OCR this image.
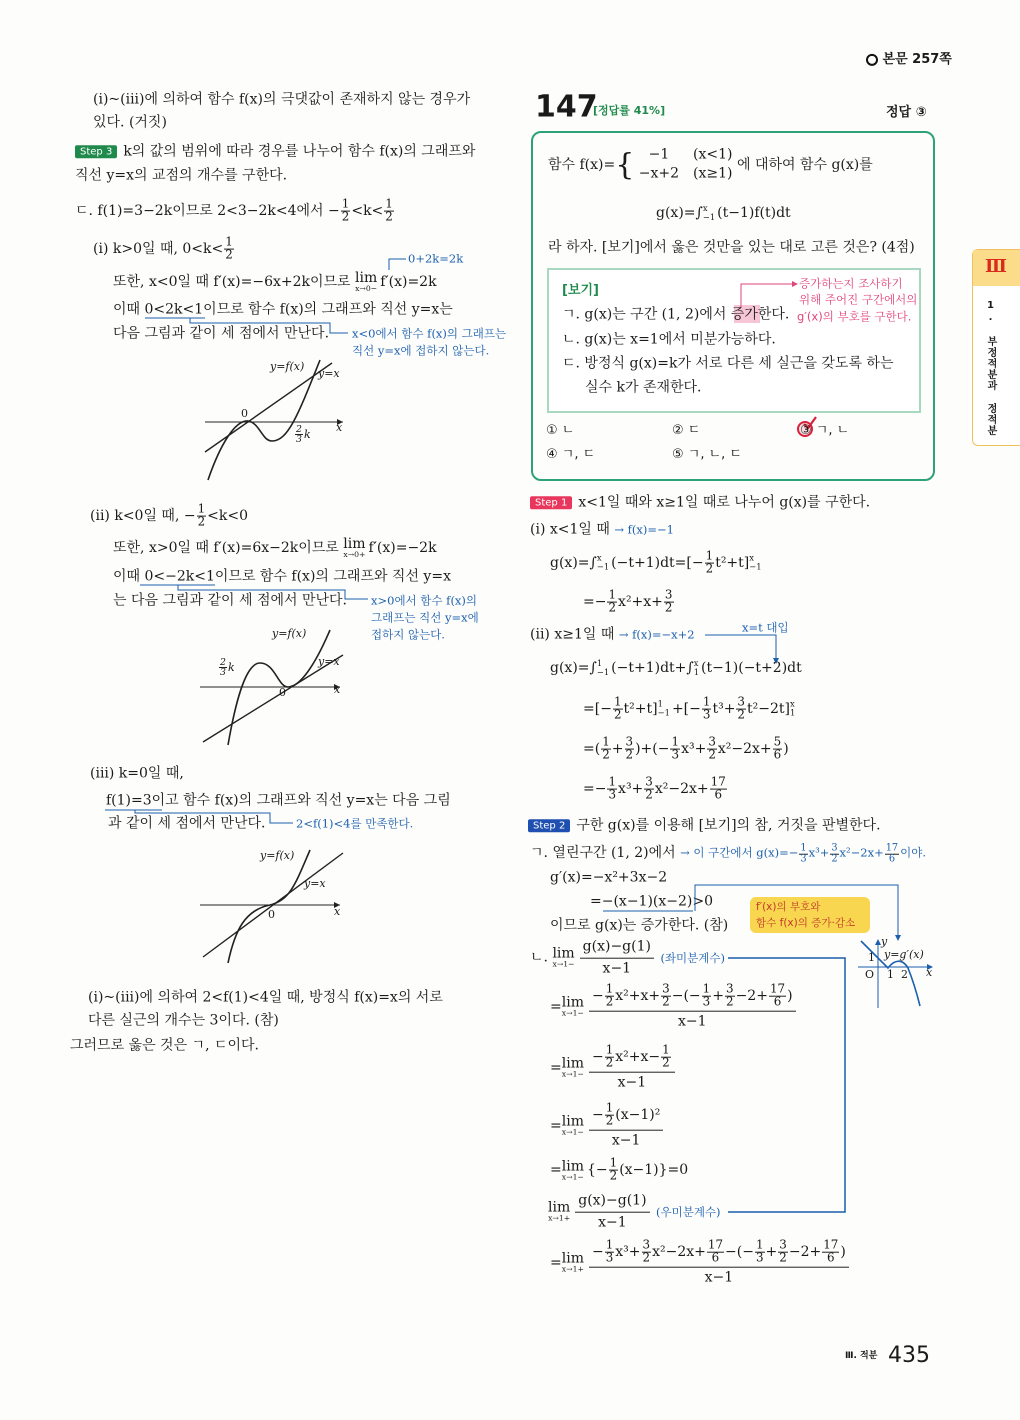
(i)~(iii)에 의하여 함수 f(x)의 극댓값이 존재하지 않는 경우가
있다. (거짓)
Step 3 k의 값의 범위에 따라 경우를 나누어 함수 f(x)의 그래프와
직선 y=x의 교점의 개수를 구한다.
ㄷ. f(1)=3−2k이므로 2<3−2k<4에서 − $\frac{1}{2} <k< \frac{1}{2}$
(i) k>0일 때, $0<k< \frac{1}{2}$	0+2k=2k
또한, x<0일 때 f′(x)=−6x+2k이므로 lim
x→0− f′(x)=2k
이때 0<2k<1이므로 함수 f(x)의 그래프와 직선 y=x는
다음 그림과 같이 세 점에서 만난다. x<0에서 함수 f(x)의 그래프는
직선 y=x에 접하지 않는다.
y=f(x)
y=x
0
x
$\frac{2}{3}$ k
(ii) k<0일 때, − $\frac{1}{2} <k<0$
또한, x>0일 때 f′(x)=6x−2k이므로 lim
x→0+ f′(x)=−2k
이때 0<−2k<1이므로 함수 f(x)의 그래프와 직선 y=x
는 다음 그림과 같이 세 점에서 만난다. x>0에서 함수 f(x)의
그래프는 직선 y=x에
접하지 않는다.
y=f(x)
y=x
0	x
$\frac{2}{3}$ k
(iii) k=0일 때,
f(1)=3이고 함수 f(x)의 그래프와 직선 y=x는 다음 그림
과 같이 세 점에서 만난다.	2<f(1)<4를 만족한다.
y=f(x)
y=x
0	x
(i)~(iii)에 의하여 2<f(1)<4일 때, 방정식 f(x)=x의 서로
다른 실근의 개수는 3이다. (참)
그러므로 옳은 것은 ㄱ, ㄷ이다.
본문 257쪽
147
[정답률 41%]	정답 ③
함수 f(x)={	−1	(x<1)
−x+2 (x≥1)
에 대하여 함수 g(x)를
g(x)=∫ x
−1 (t−1)f(t)dt
라 하자. [보기]에서 옳은 것만을 있는 대로 고른 것은? (4점)
[보기]
ㄱ. g(x)는 구간 (1, 2)에서 증가한다.
ㄴ. g(x)는 x=1에서 미분가능하다.
ㄷ. 방정식 g(x)=k가 서로 다른 세 실근을 갖도록 하는
실수 k가 존재한다.
증가하는지 조사하기
위해 주어진 구간에서의
g′(x)의 부호를 구한다.
① ㄴ	② ㄷ	③ ㄱ, ㄴ
④ ㄱ, ㄷ	⑤ ㄱ, ㄴ, ㄷ
Step 1 x<1일 때와 x≥1일 때로 나누어 g(x)를 구한다.
(i) x<1일 때 → f(x)=−1
g(x)=∫ x
−1 $(-t+1)dt=[- \frac{1}{2} t^2+t]$ x
−1
=− $\frac{1}{2} x^2+x+ \frac{3}{2}$
(ii) x≥1일 때 → f(x)=−x+2	x=t 대입
g(x)=∫ 1
−1 (−t+1)dt+∫ x
1 (t−1)(−t+2)dt
=[− $\frac{1}{2} t^2+t$] 1
−1 +[− $\frac{1}{3} t^3+ \frac{3}{2} t^2-2t$] x
1
=( $\frac{1}{2} + \frac{3}{2}$ )+(− $\frac{1}{3} x^3+ \frac{3}{2} x^2-2x+ \frac{5}{6}$ )
=− $\frac{1}{3} x^3+ \frac{3}{2} x^2-2x+ \frac{17}{6}$
Step 2 구한 g(x)를 이용해 [보기]의 참, 거짓을 판별한다.
ㄱ. 열린구간 (1, 2)에서 → 이 구간에서 $g(x)=- \frac{1}{3} x^3+ \frac{3}{2} x^2-2x+ \frac{17}{6}$ 이야.
g′(x)=−x²+3x−2
=−(x−1)(x−2)>0
이므로 g(x)는 증가한다. (참)
f′(x)의 부호와
함수 f(x)의 증가·감소
y
1 y=g′(x)
O 1 2 x
ㄴ. lim
$x\to 1- \frac{g(x)-g(1)}{x-1}$ (좌미분계수)
=lim
$x\to 1- \frac{- \frac{1}{2} x^2+x+ \frac{3}{2} -(- \frac{1}{3} + \frac{3}{2} -2+ \frac{17}{6} )}{x-1}$
=lim
$x\to 1- \frac{- \frac{1}{2} x^2+x- \frac{1}{2}}{x-1}$
=lim
$x\to 1- \frac{- \frac{1}{2} (x-1)^2}{x-1}$
=lim
x→1− {− $\frac{1}{2} (x-1)\}=0$
lim
$x\to 1+ \frac{g(x)-g(1)}{x-1}$ (우미분계수)
=lim
$x\to 1+ \frac{- \frac{1}{3} x^3+ \frac{3}{2} x^2-2x+ \frac{17}{6} -(- \frac{1}{3} + \frac{3}{2} -2+ \frac{17}{6} )}{x-1}$
Ⅲ
1. 부정적분과 정적분
Ⅲ. 적분 435
